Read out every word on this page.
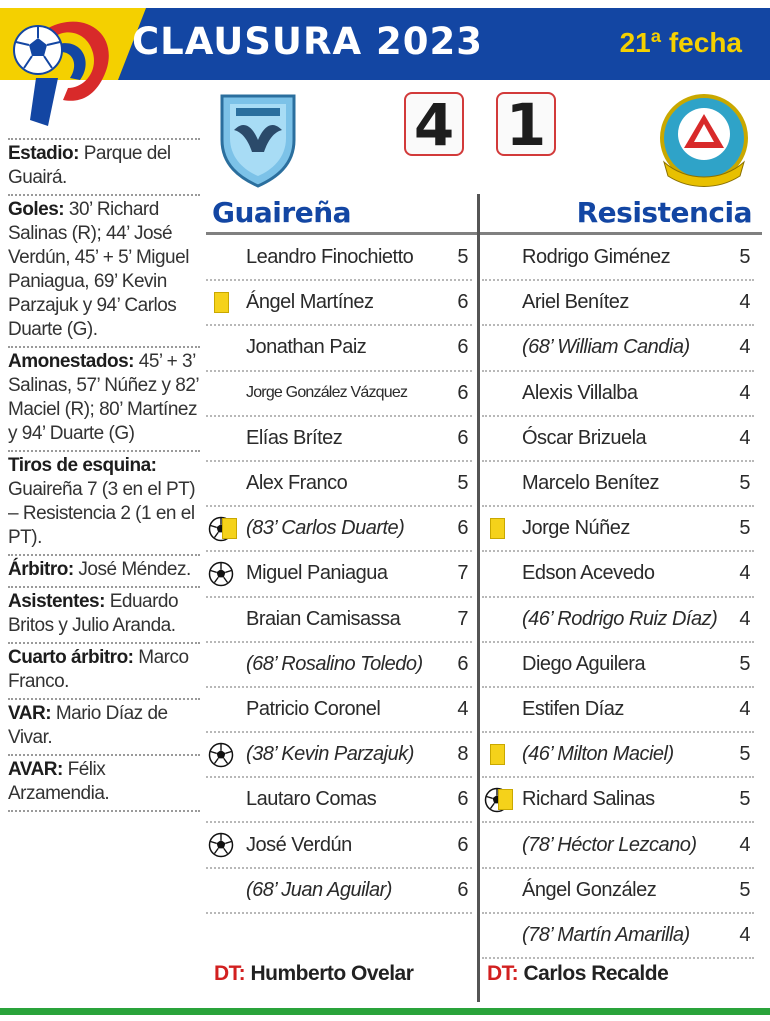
CLAUSURA 2023	21ª fecha
4 1
Estadio: Parque del Guairá.
Goles: 30’ Richard Salinas (R); 44’ José Verdún, 45’ + 5’ Miguel Paniagua, 69’ Kevin Parzajuk y 94’ Carlos Duarte (G).
Amonestados: 45’ + 3’ Salinas, 57’ Núñez y 82’ Maciel (R); 80’ Martínez y 94’ Duarte (G)
Tiros de esquina: Guaireña 7 (3 en el PT) – Resistencia 2 (1 en el PT).
Árbitro: José Méndez.
Asistentes: Eduardo Britos y Julio Aranda.
Cuarto árbitro: Marco Franco.
VAR: Mario Díaz de Vivar.
AVAR: Félix Arzamendia.
Guaireña	Resistencia
Leandro Finochietto	5
Ángel Martínez	6
Jonathan Paiz	6
Jorge González Vázquez	6
Elías Brítez	6
Alex Franco	5
(83’ Carlos Duarte)	6
Miguel Paniagua	7
Braian Camisassa	7
(68’ Rosalino Toledo)	6
Patricio Coronel	4
(38’ Kevin Parzajuk)	8
Lautaro Comas	6
José Verdún	6
(68’ Juan Aguilar)	6
Rodrigo Giménez	5
Ariel Benítez	4
(68’ William Candia)	4
Alexis Villalba	4
Óscar Brizuela	4
Marcelo Benítez	5
Jorge Núñez	5
Edson Acevedo	4
(46’ Rodrigo Ruiz Díaz)	4
Diego Aguilera	5
Estifen Díaz	4
(46’ Milton Maciel)	5
Richard Salinas	5
(78’ Héctor Lezcano)	4
Ángel González	5
(78’ Martín Amarilla)	4
DT: Humberto Ovelar	DT: Carlos Recalde
